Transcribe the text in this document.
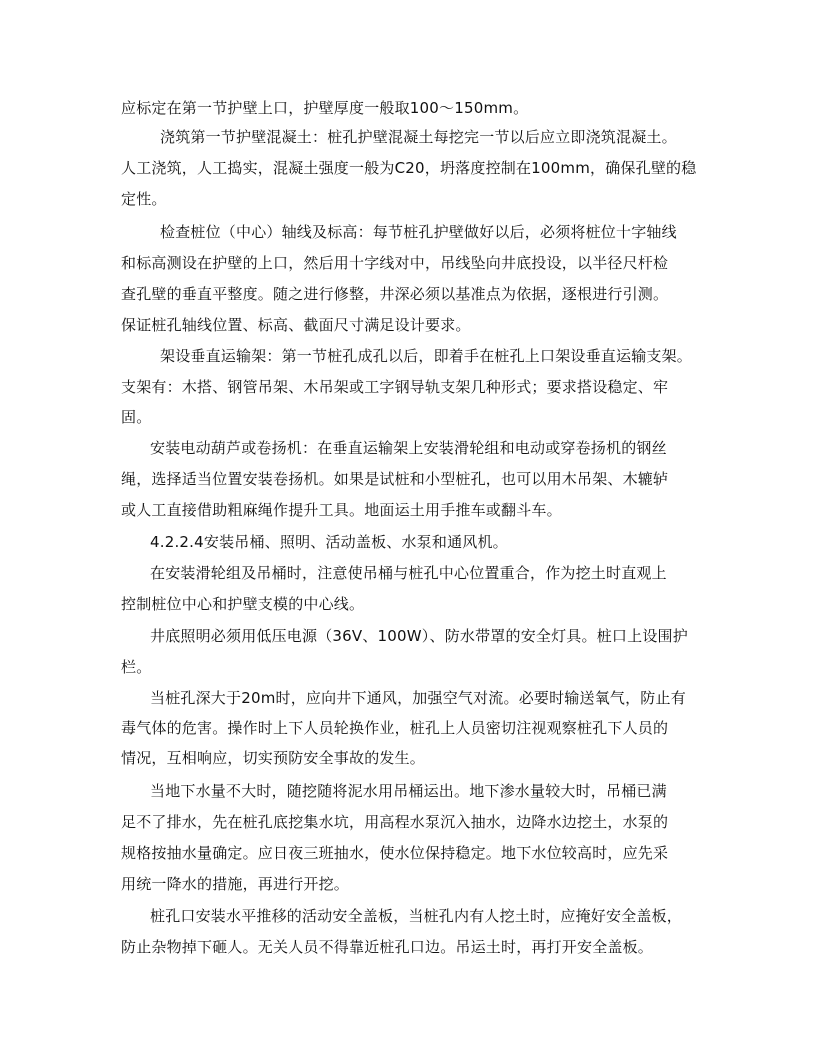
应标定在第一节护壁上口，护壁厚度一般取100～150mm。
浇筑第一节护壁混凝土：桩孔护壁混凝土每挖完一节以后应立即浇筑混凝土。
人工浇筑，人工捣实，混凝土强度一般为C20，坍落度控制在100mm，确保孔壁的稳
定性。
检查桩位（中心）轴线及标高：每节桩孔护壁做好以后，必须将桩位十字轴线
和标高测设在护壁的上口，然后用十字线对中，吊线坠向井底投设，以半径尺杆检
查孔壁的垂直平整度。随之进行修整，井深必须以基准点为依据，逐根进行引测。
保证桩孔轴线位置、标高、截面尺寸满足设计要求。
架设垂直运输架：第一节桩孔成孔以后，即着手在桩孔上口架设垂直运输支架。
支架有：木搭、钢管吊架、木吊架或工字钢导轨支架几种形式；要求搭设稳定、牢
固。
安装电动葫芦或卷扬机：在垂直运输架上安装滑轮组和电动或穿卷扬机的钢丝
绳，选择适当位置安装卷扬机。如果是试桩和小型桩孔，也可以用木吊架、木辘轳
或人工直接借助粗麻绳作提升工具。地面运土用手推车或翻斗车。
4.2.2.4安装吊桶、照明、活动盖板、水泵和通风机。
在安装滑轮组及吊桶时，注意使吊桶与桩孔中心位置重合，作为挖土时直观上
控制桩位中心和护壁支模的中心线。
井底照明必须用低压电源（36V、100W）、防水带罩的安全灯具。桩口上设围护
栏。
当桩孔深大于20m时，应向井下通风，加强空气对流。必要时输送氧气，防止有
毒气体的危害。操作时上下人员轮换作业，桩孔上人员密切注视观察桩孔下人员的
情况，互相响应，切实预防安全事故的发生。
当地下水量不大时，随挖随将泥水用吊桶运出。地下渗水量较大时，吊桶已满
足不了排水，先在桩孔底挖集水坑，用高程水泵沉入抽水，边降水边挖土，水泵的
规格按抽水量确定。应日夜三班抽水，使水位保持稳定。地下水位较高时，应先采
用统一降水的措施，再进行开挖。
桩孔口安装水平推移的活动安全盖板，当桩孔内有人挖土时，应掩好安全盖板，
防止杂物掉下砸人。无关人员不得靠近桩孔口边。吊运土时，再打开安全盖板。
